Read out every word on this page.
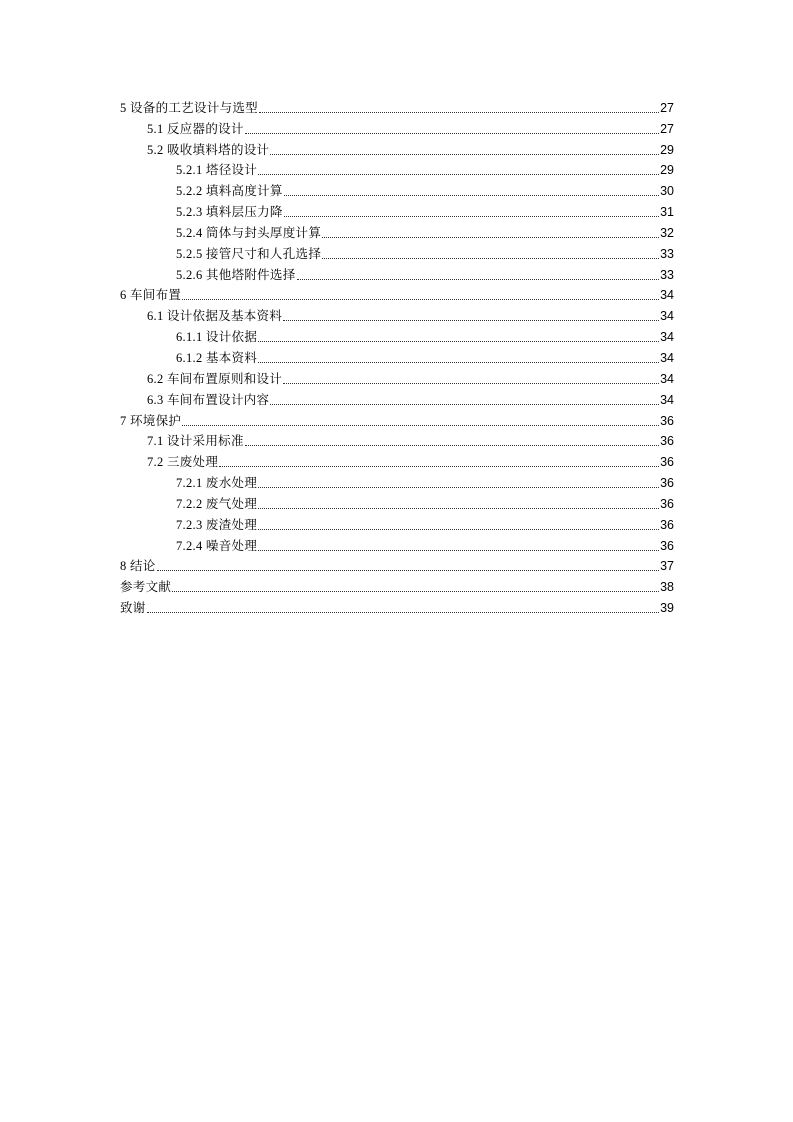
5 设备的工艺设计与选型	27
5.1 反应器的设计	27
5.2 吸收填料塔的设计	29
5.2.1 塔径设计	29
5.2.2 填料高度计算	30
5.2.3 填料层压力降	31
5.2.4 筒体与封头厚度计算	32
5.2.5 接管尺寸和人孔选择	33
5.2.6 其他塔附件选择	33
6 车间布置	34
6.1 设计依据及基本资料	34
6.1.1 设计依据	34
6.1.2 基本资料	34
6.2 车间布置原则和设计	34
6.3 车间布置设计内容	34
7 环境保护	36
7.1 设计采用标准	36
7.2 三废处理	36
7.2.1 废水处理	36
7.2.2 废气处理	36
7.2.3 废渣处理	36
7.2.4 噪音处理	36
8 结论	37
参考文献	38
致谢	39
